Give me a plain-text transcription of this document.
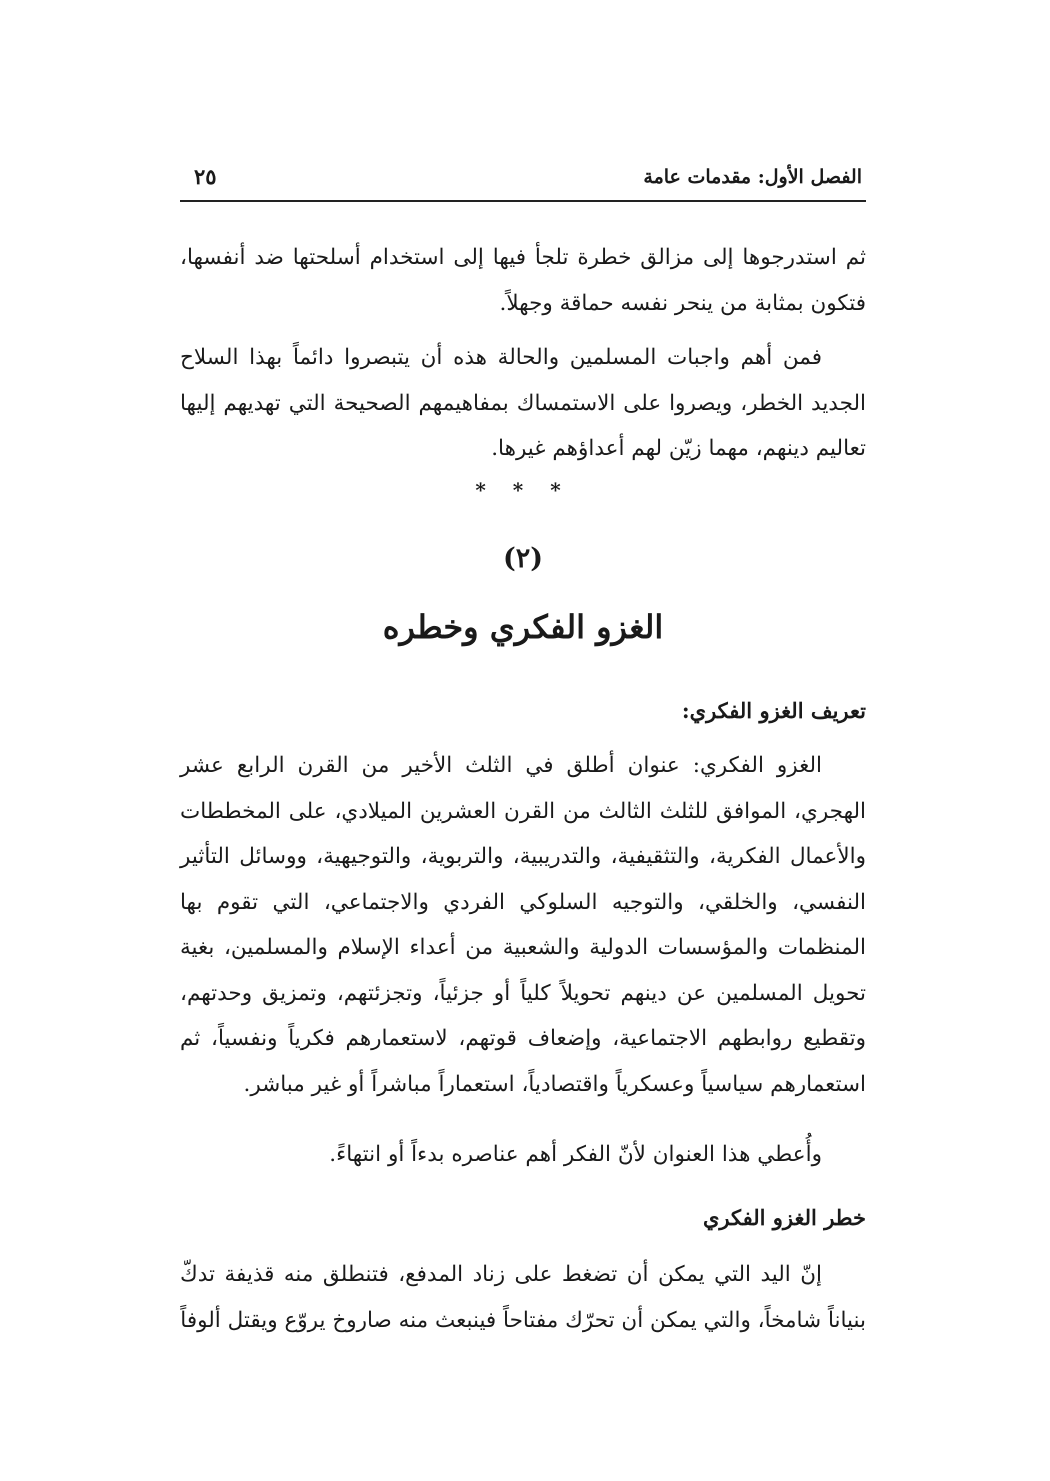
الفصل الأول: مقدمات عامة
٢٥

ثم استدرجوها إلى مزالق خطرة تلجأ فيها إلى استخدام أسلحتها ضد أنفسها، فتكون بمثابة من ينحر نفسه حماقة وجهلاً.

فمن أهم واجبات المسلمين والحالة هذه أن يتبصروا دائماً بهذا السلاح الجديد الخطر، ويصروا على الاستمساك بمفاهيمهم الصحيحة التي تهديهم إليها تعاليم دينهم، مهما زيّن لهم أعداؤهم غيرها.

* * *
(٢)
الغزو الفكري وخطره
تعريف الغزو الفكري:

الغزو الفكري: عنوان أطلق في الثلث الأخير من القرن الرابع عشر الهجري، الموافق للثلث الثالث من القرن العشرين الميلادي، على المخططات والأعمال الفكرية، والتثقيفية، والتدريبية، والتربوية، والتوجيهية، ووسائل التأثير النفسي، والخلقي، والتوجيه السلوكي الفردي والاجتماعي، التي تقوم بها المنظمات والمؤسسات الدولية والشعبية من أعداء الإسلام والمسلمين، بغية تحويل المسلمين عن دينهم تحويلاً كلياً أو جزئياً، وتجزئتهم، وتمزيق وحدتهم، وتقطيع روابطهم الاجتماعية، وإضعاف قوتهم، لاستعمارهم فكرياً ونفسياً، ثم استعمارهم سياسياً وعسكرياً واقتصادياً، استعماراً مباشراً أو غير مباشر.

وأُعطي هذا العنوان لأنّ الفكر أهم عناصره بدءاً أو انتهاءً.

خطر الغزو الفكري

إنّ اليد التي يمكن أن تضغط على زناد المدفع، فتنطلق منه قذيفة تدكّ بنياناً شامخاً، والتي يمكن أن تحرّك مفتاحاً فينبعث منه صاروخ يروّع ويقتل ألوفاً
